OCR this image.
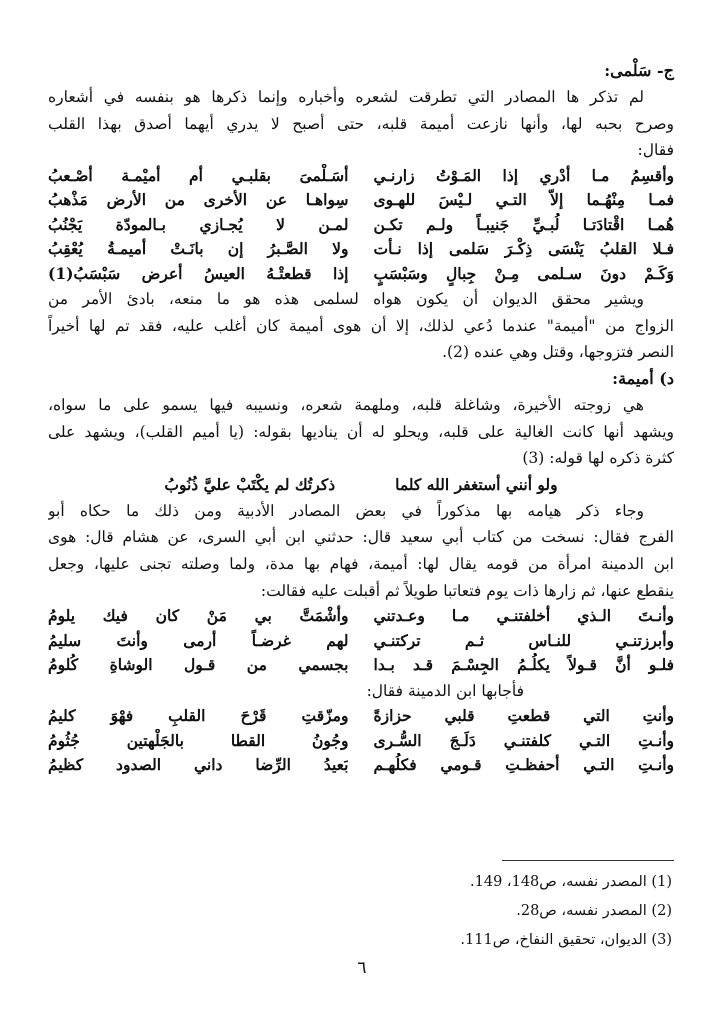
ج- سَلْمى:
لم تذكر ها المصادر التي تطرقت لشعره وأخباره وإنما ذكرها هو بنفسه في أشعاره
وصرح بحبه لها، وأنها نازعت أميمة قلبه، حتى أصبح لا يدري أيهما أصدق بهذا القلب
فقال:
وأقسِمُ مـا أدْري إذا المَـوْتُ زارنـي
أسَـلْمىَ بقلبـي أم أميْمـة أصْـعبُ
فمـا مِنْهُـما إلاّ التـي لـيْسَ للهـوى
سِواهـا عن الأخرى من الأرض مَذْهبُ
هُمـا اقْتادَتـا لُبـيِّ جَنيبـاً ولـم تكـن
لمـن لا يُجـازي بـالمودّة يَجْنُبُ
فـلا القلبُ يَنْسَى ذِكْـرَ سَلمى إذا نـأت
ولا الصَّـبرُ إن بانَـتْ أميمـةُ يُعْقِبُ
وَكَـمْ دونَ سـلمى مِـنْ جِبالٍ وسَبْسَبٍ
إذا قطعتْـهُ العيسُ أعرض سَبْسَبُ(1)
ويشير محقق الديوان أن يكون هواه لسلمى هذه هو ما منعه، بادئ الأمر من
الزواج من "أميمة" عندما دُعي لذلك، إلا أن هوى أميمة كان أغلب عليه، فقد تم لها أخيراً
النصر فتزوجها، وقتل وهي عنده (2).
د) أميمة:
هي زوجته الأخيرة، وشاغلة قلبه، وملهمة شعره، ونسيبه فيها يسمو على ما سواه،
ويشهد أنها كانت الغالية على قلبه، ويحلو له أن يناديها بقوله: (يا أميم القلب)، ويشهد على
كثرة ذكره لها قوله: (3)
ولو أنني أستغفر الله كلما
ذكرتُك لم يكْتَبْ عليَّ ذُنُوبُ
وجاء ذكر هيامه بها مذكوراً في بعض المصادر الأدبية ومن ذلك ما حكاه أبو
الفرج فقال: نسخت من كتاب أبي سعيد قال: حدثني ابن أبي السرى، عن هشام قال: هوى
ابن الدمينة امرأة من قومه يقال لها: أميمة، فهام بها مدة، ولما وصلته تجنى عليها، وجعل
ينقطع عنها، ثم زارها ذات يوم فتعاتبا طويلاً ثم أقبلت عليه فقالت:
وأنـتَ الـذي أخلفتنـي مـا وعـدتني
وأشْمَتَّ بي مَنْ كان فيك يلومُ
وأبرزتنـي للنـاس ثـم تركتنـي
لهم غرضـاً أرمى وأنتَ سليمُ
فلـو أنَّ قـولاً يكلُـمُ الجِسْـمَ قـد بـدا
بجسمي من قـول الوشاةِ كُلومُ
فأجابها ابن الدمينة فقال:
وأنتِ التي قطعتِ قلبي حزازةً
ومزّقتِ قَرْحَ القلبِ فهْوَ كليمُ
وأنـتِ التـي كلفتنـي دَلَـجَ السُّـرى
وجُونُ القطا بالجَلْهتين جُثُومُ
وأنـتِ التـي أحفظـتِ قـومي فكلُهـم
بَعيدُ الرِّضا داني الصدود كظيمُ
(1) المصدر نفسه، ص148، 149.
(2) المصدر نفسه، ص28.
(3) الديوان، تحقيق النفاخ، ص111.
٦
